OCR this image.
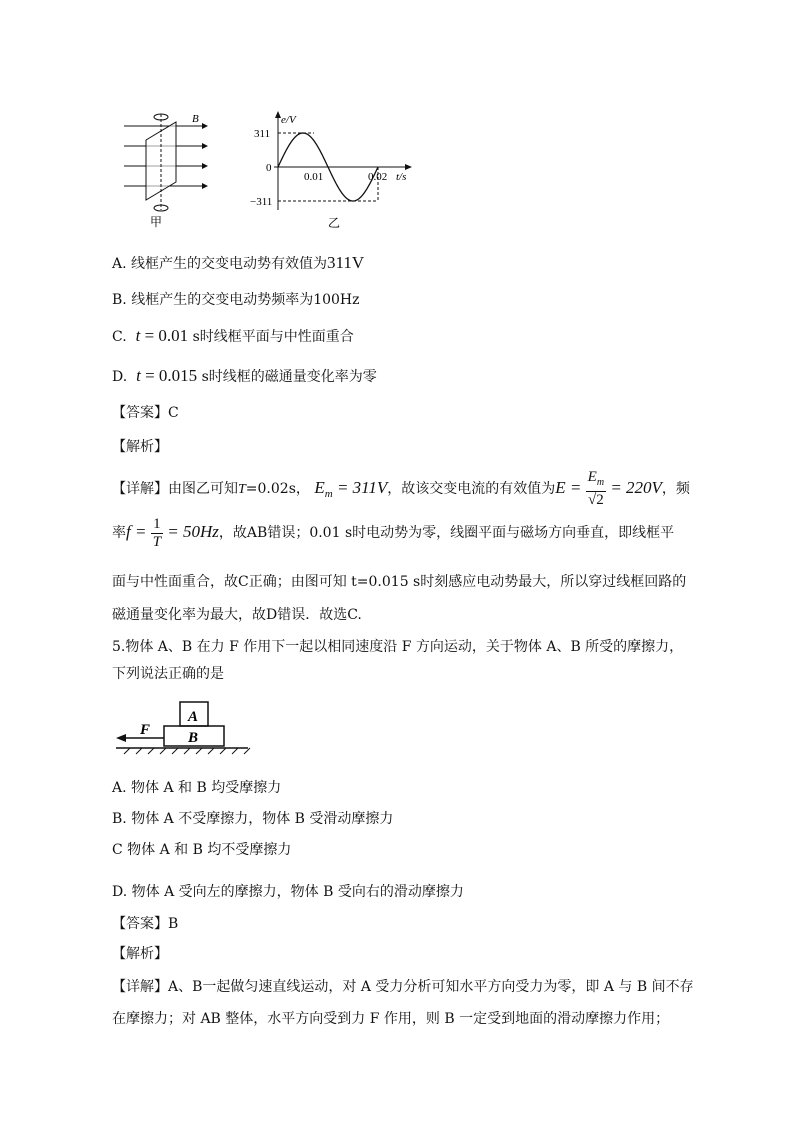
B
甲
e/V
t/s
311
0
−311
0.01	0.02
乙
A. 线框产生的交变电动势有效值为311V
B. 线框产生的交变电动势频率为100Hz
C. t = 0.01 s时线框平面与中性面重合
D. t = 0.015 s时线框的磁通量变化率为零
【答案】C
【解析】
【详解】由图乙可知T=0.02s， $E_m = 311V$，故该交变电流的有效值为$E = \frac{E_m}{√2} = 220V$，频
率$f = \frac{1}{T} = 50Hz$，故AB错误；0.01 s时电动势为零，线圈平面与磁场方向垂直，即线框平
面与中性面重合，故C正确；由图可知 t=0.015 s时刻感应电动势最大，所以穿过线框回路的
磁通量变化率为最大，故D错误．故选C.
5.物体 A、B 在力 F 作用下一起以相同速度沿 F 方向运动，关于物体 A、B 所受的摩擦力，
下列说法正确的是
F
A
B
A. 物体 A 和 B 均受摩擦力
B. 物体 A 不受摩擦力，物体 B 受滑动摩擦力
C 物体 A 和 B 均不受摩擦力
D. 物体 A 受向左的摩擦力，物体 B 受向右的滑动摩擦力
【答案】B
【解析】
【详解】A、B一起做匀速直线运动，对 A 受力分析可知水平方向受力为零，即 A 与 B 间不存
在摩擦力；对 AB 整体，水平方向受到力 F 作用，则 B 一定受到地面的滑动摩擦力作用；
